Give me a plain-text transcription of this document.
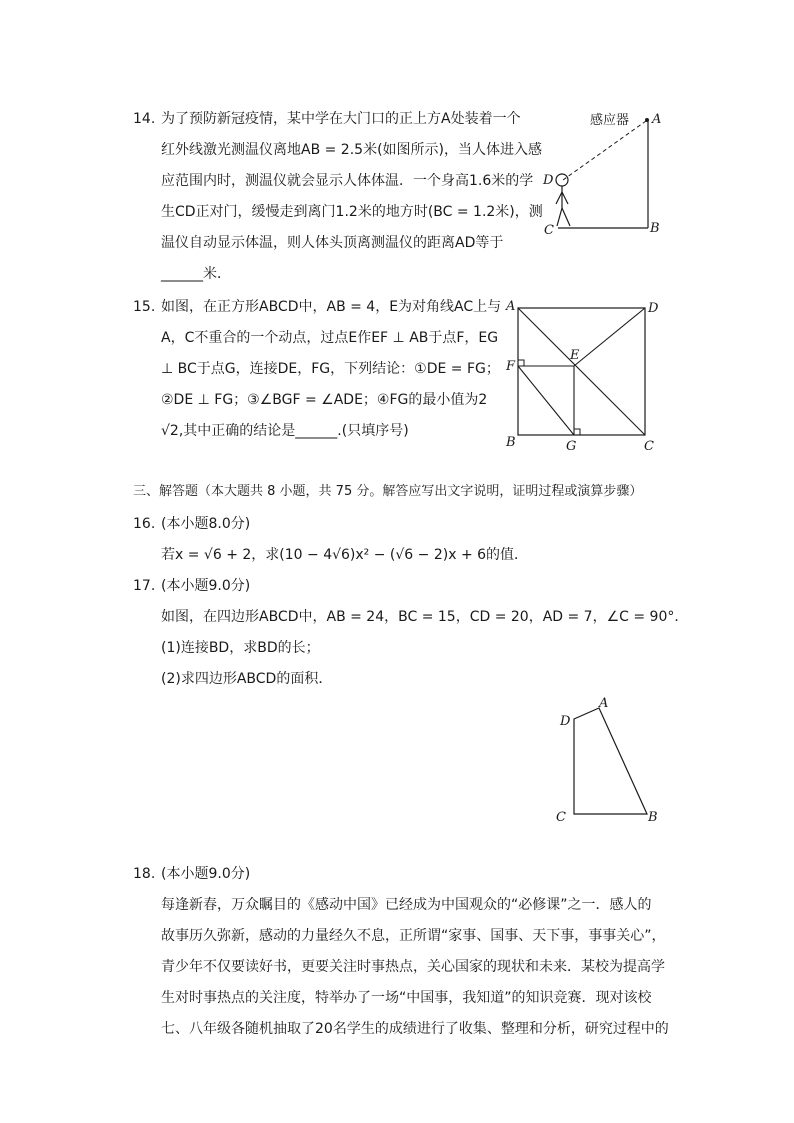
14. 为了预防新冠疫情，某中学在大门口的正上方A处装着一个
红外线激光测温仪离地AB = 2.5米(如图所示)，当人体进入感
应范围内时，测温仪就会显示人体体温．一个身高1.6米的学
生CD正对门，缓慢走到离门1.2米的地方时(BC = 1.2米)，测
温仪自动显示体温，则人体头顶离测温仪的距离AD等于
______米．
感应器 A
D
C	B
15. 如图，在正方形ABCD中，AB = 4，E为对角线AC上与
A，C不重合的一个动点，过点E作EF ⊥ AB于点F，EG
⊥ BC于点G，连接DE，FG，下列结论：①DE = FG；
②DE ⊥ FG；③∠BGF = ∠ADE；④FG的最小值为2
√2,其中正确的结论是______.(只填序号)
A	D
E
F
B	G	C
三、解答题（本大题共 8 小题，共 75 分。解答应写出文字说明，证明过程或演算步骤）
16. (本小题8.0分)
若x = √6 + 2，求(10 − 4√6)x² − (√6 − 2)x + 6的值．
17. (本小题9.0分)
如图，在四边形ABCD中，AB = 24，BC = 15，CD = 20，AD = 7，∠C = 90°．
(1)连接BD，求BD的长；
(2)求四边形ABCD的面积．
D
A
C	B
18. (本小题9.0分)
每逢新春，万众瞩目的《感动中国》已经成为中国观众的“必修课”之一．感人的
故事历久弥新，感动的力量经久不息，正所谓“家事、国事、天下事，事事关心”，
青少年不仅要读好书，更要关注时事热点，关心国家的现状和未来．某校为提高学
生对时事热点的关注度，特举办了一场“中国事，我知道”的知识竞赛．现对该校
七、八年级各随机抽取了20名学生的成绩进行了收集、整理和分析，研究过程中的
